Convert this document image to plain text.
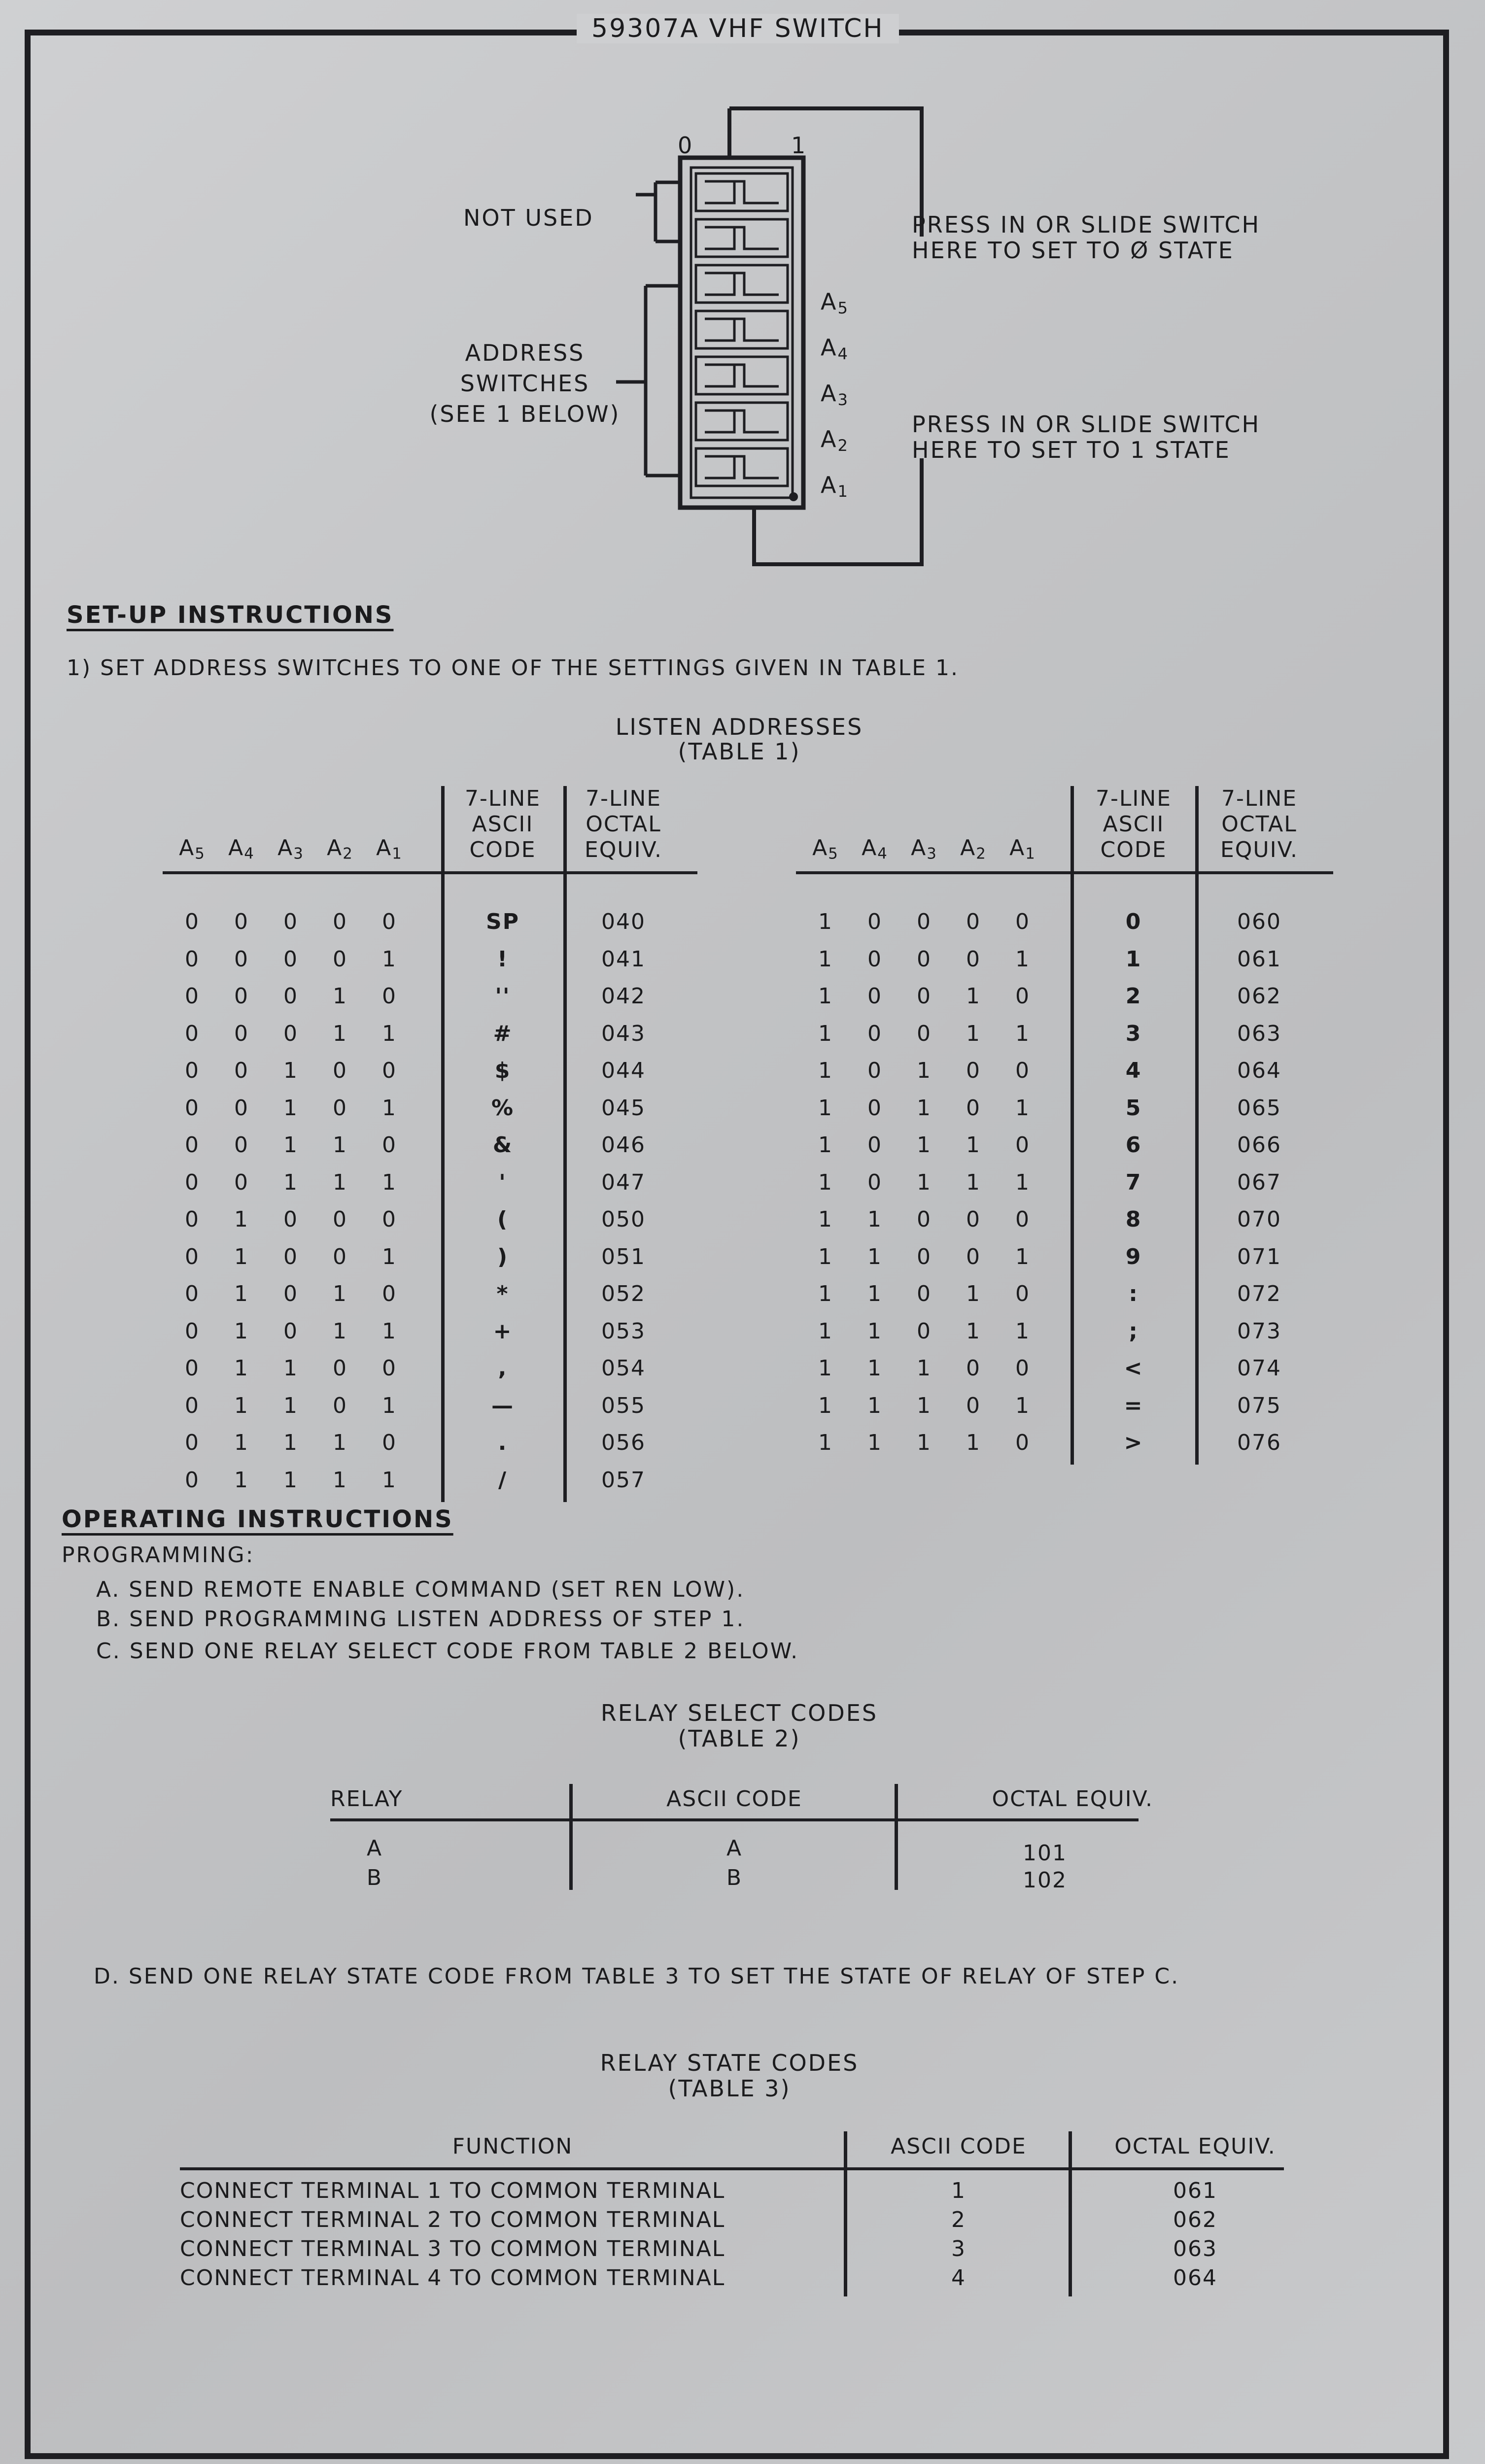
59307A VHF SWITCH
0	1
NOT USED
ADDRESS
SWITCHES
(SEE 1 BELOW)
PRESS IN OR SLIDE SWITCH
HERE TO SET TO Ø STATE
PRESS IN OR SLIDE SWITCH
HERE TO SET TO 1 STATE
$A_5$
$A_4$
$A_3$
$A_2$
$A_1$
SET-UP INSTRUCTIONS
1) SET ADDRESS SWITCHES TO ONE OF THE SETTINGS GIVEN IN TABLE 1.
LISTEN ADDRESSES
(TABLE 1)
$A_5$	$A_4$	$A_3$	$A_2$	$A_1$
7-LINE
ASCII
CODE
7-LINE
OCTAL
EQUIV.
0	0	0	0	0	SP	040
0	0	0	0	1	!	041
0	0	0	1	0	''	042
0	0	0	1	1	#	043
0	0	1	0	0	$	044
0	0	1	0	1	%	045
0	0	1	1	0	&	046
0	0	1	1	1	'	047
0	1	0	0	0	(	050
0	1	0	0	1	)	051
0	1	0	1	0	*	052
0	1	0	1	1	+	053
0	1	1	0	0	,	054
0	1	1	0	1	—	055
0	1	1	1	0	.	056
0	1	1	1	1	/	057
$A_5$	$A_4$	$A_3$	$A_2$	$A_1$
7-LINE
ASCII
CODE
7-LINE
OCTAL
EQUIV.
1	0	0	0	0	0	060
1	0	0	0	1	1	061
1	0	0	1	0	2	062
1	0	0	1	1	3	063
1	0	1	0	0	4	064
1	0	1	0	1	5	065
1	0	1	1	0	6	066
1	0	1	1	1	7	067
1	1	0	0	0	8	070
1	1	0	0	1	9	071
1	1	0	1	0	:	072
1	1	0	1	1	;	073
1	1	1	0	0	<	074
1	1	1	0	1	=	075
1	1	1	1	0	>	076
OPERATING INSTRUCTIONS
PROGRAMMING:
A. SEND REMOTE ENABLE COMMAND (SET REN LOW).
B. SEND PROGRAMMING LISTEN ADDRESS OF STEP 1.
C. SEND ONE RELAY SELECT CODE FROM TABLE 2 BELOW.
RELAY SELECT CODES
(TABLE 2)
RELAY	ASCII CODE	OCTAL EQUIV.
A	A	101
B	B	102
D. SEND ONE RELAY STATE CODE FROM TABLE 3 TO SET THE STATE OF RELAY OF STEP C.
RELAY STATE CODES
(TABLE 3)
FUNCTION	ASCII CODE	OCTAL EQUIV.
CONNECT TERMINAL 1 TO COMMON TERMINAL	1	061
CONNECT TERMINAL 2 TO COMMON TERMINAL	2	062
CONNECT TERMINAL 3 TO COMMON TERMINAL	3	063
CONNECT TERMINAL 4 TO COMMON TERMINAL	4	064
